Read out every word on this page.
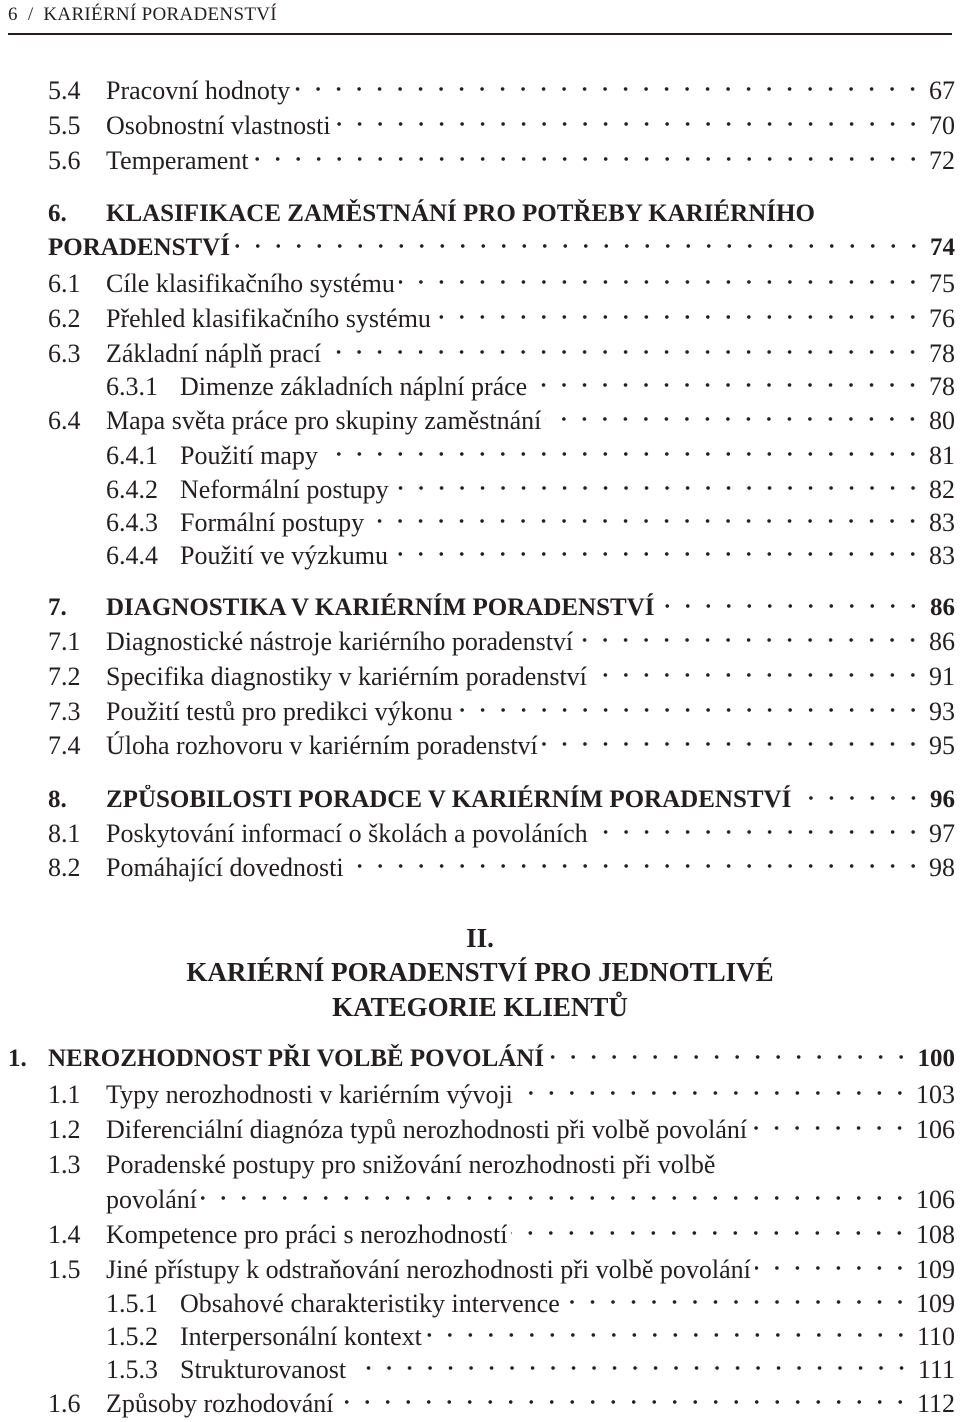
6 / KARIÉRNÍ PORADENSTVÍ
5.4 Pracovní hodnoty	67
5.5 Osobnostní vlastnosti	70
5.6 Temperament	72
6.	KLASIFIKACE ZAMĚSTNÁNÍ PRO POTŘEBY KARIÉRNÍHO
PORADENSTVÍ	74
6.1 Cíle klasifikačního systému	75
6.2 Přehled klasifikačního systému	76
6.3 Základní náplň prací	78
6.3.1 Dimenze základních náplní práce	78
6.4 Mapa světa práce pro skupiny zaměstnání	80
6.4.1 Použití mapy	81
6.4.2 Neformální postupy	82
6.4.3 Formální postupy	83
6.4.4 Použití ve výzkumu	83
7.	DIAGNOSTIKA V KARIÉRNÍM PORADENSTVÍ	86
7.1 Diagnostické nástroje kariérního poradenství	86
7.2 Specifika diagnostiky v kariérním poradenství	91
7.3 Použití testů pro predikci výkonu	93
7.4 Úloha rozhovoru v kariérním poradenství	95
8.	ZPŮSOBILOSTI PORADCE V KARIÉRNÍM PORADENSTVÍ	96
8.1 Poskytování informací o školách a povoláních	97
8.2 Pomáhající dovednosti	98
II.
KARIÉRNÍ PORADENSTVÍ PRO JEDNOTLIVÉ
KATEGORIE KLIENTŮ
1. NEROZHODNOST PŘI VOLBĚ POVOLÁNÍ	100
1.1 Typy nerozhodnosti v kariérním vývoji	103
1.2 Diferenciální diagnóza typů nerozhodnosti při volbě povolání	106
1.3 Poradenské postupy pro snižování nerozhodnosti při volbě
povolání	106
1.4 Kompetence pro práci s nerozhodností	108
1.5 Jiné přístupy k odstraňování nerozhodnosti při volbě povolání	109
1.5.1 Obsahové charakteristiky intervence	109
1.5.2 Interpersonální kontext	110
1.5.3 Strukturovanost	111
1.6 Způsoby rozhodování	112
